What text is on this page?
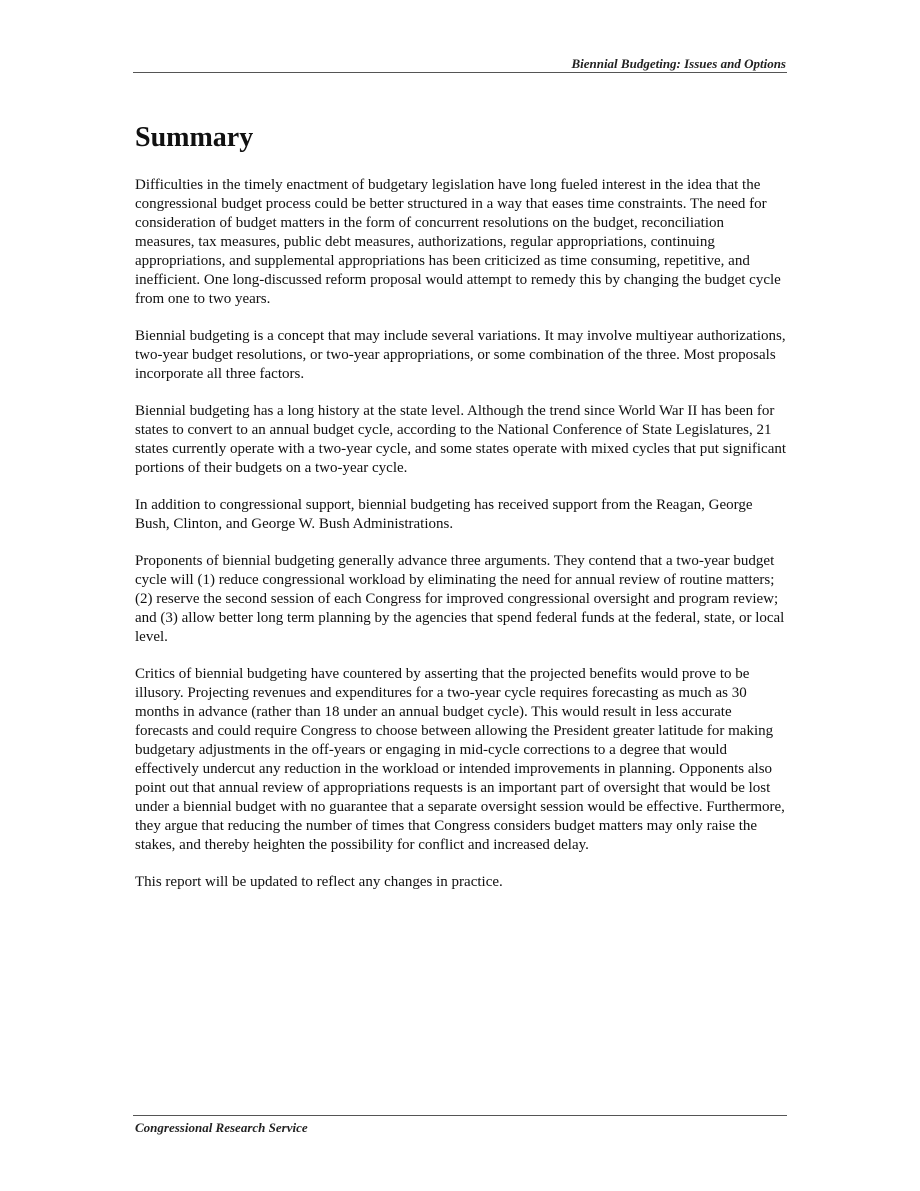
Biennial Budgeting: Issues and Options
Summary

Difficulties in the timely enactment of budgetary legislation have long fueled interest in the idea that the congressional budget process could be better structured in a way that eases time constraints. The need for consideration of budget matters in the form of concurrent resolutions on the budget, reconciliation measures, tax measures, public debt measures, authorizations, regular appropriations, continuing appropriations, and supplemental appropriations has been criticized as time consuming, repetitive, and inefficient. One long-discussed reform proposal would attempt to remedy this by changing the budget cycle from one to two years.

Biennial budgeting is a concept that may include several variations. It may involve multiyear authorizations, two-year budget resolutions, or two-year appropriations, or some combination of the three. Most proposals incorporate all three factors.

Biennial budgeting has a long history at the state level. Although the trend since World War II has been for states to convert to an annual budget cycle, according to the National Conference of State Legislatures, 21 states currently operate with a two-year cycle, and some states operate with mixed cycles that put significant portions of their budgets on a two-year cycle.

In addition to congressional support, biennial budgeting has received support from the Reagan, George Bush, Clinton, and George W. Bush Administrations.

Proponents of biennial budgeting generally advance three arguments. They contend that a two-year budget cycle will (1) reduce congressional workload by eliminating the need for annual review of routine matters; (2) reserve the second session of each Congress for improved congressional oversight and program review; and (3) allow better long term planning by the agencies that spend federal funds at the federal, state, or local level.

Critics of biennial budgeting have countered by asserting that the projected benefits would prove to be illusory. Projecting revenues and expenditures for a two-year cycle requires forecasting as much as 30 months in advance (rather than 18 under an annual budget cycle). This would result in less accurate forecasts and could require Congress to choose between allowing the President greater latitude for making budgetary adjustments in the off-years or engaging in mid-cycle corrections to a degree that would effectively undercut any reduction in the workload or intended improvements in planning. Opponents also point out that annual review of appropriations requests is an important part of oversight that would be lost under a biennial budget with no guarantee that a separate oversight session would be effective. Furthermore, they argue that reducing the number of times that Congress considers budget matters may only raise the stakes, and thereby heighten the possibility for conflict and increased delay.

This report will be updated to reflect any changes in practice.

Congressional Research Service
